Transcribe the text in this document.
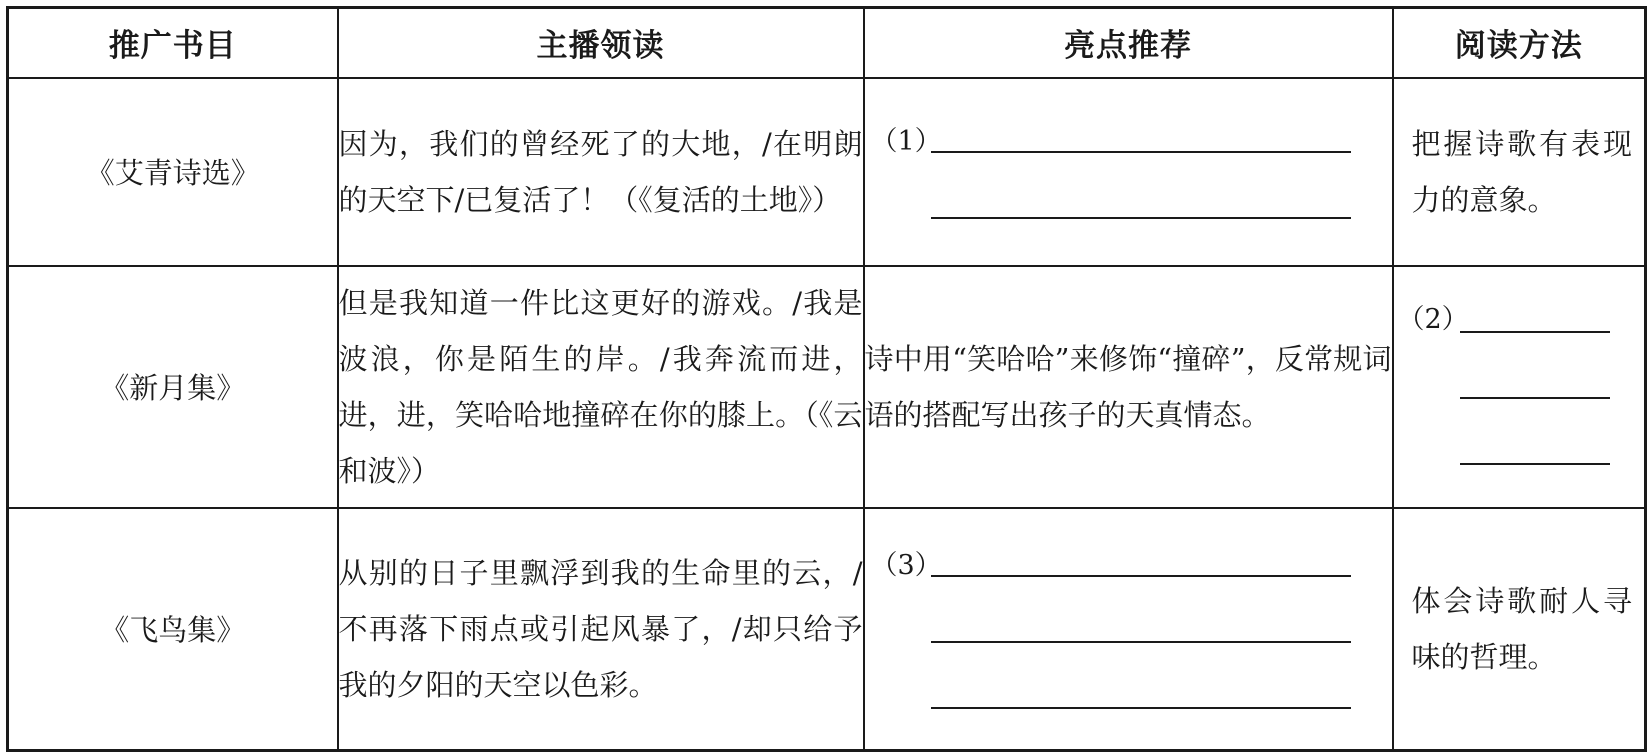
推广书目	主播领读	亮点推荐	阅读方法
《艾青诗选》	因为，我们的曾经死了的大地，/在明朗的天空下/已复活了！（《复活的土地》）	（1）	把握诗歌有表现力的意象。
《新月集》	但是我知道一件比这更好的游戏。/我是波浪，你是陌生的岸。/我奔流而进，进，进，笑哈哈地撞碎在你的膝上。（《云和波》）	诗中用“笑哈哈”来修饰“撞碎”，反常规词语的搭配写出孩子的天真情态。	（2）

《飞鸟集》	从别的日子里飘浮到我的生命里的云，/不再落下雨点或引起风暴了，/却只给予我的夕阳的天空以色彩。	（3）	体会诗歌耐人寻味的哲理。
